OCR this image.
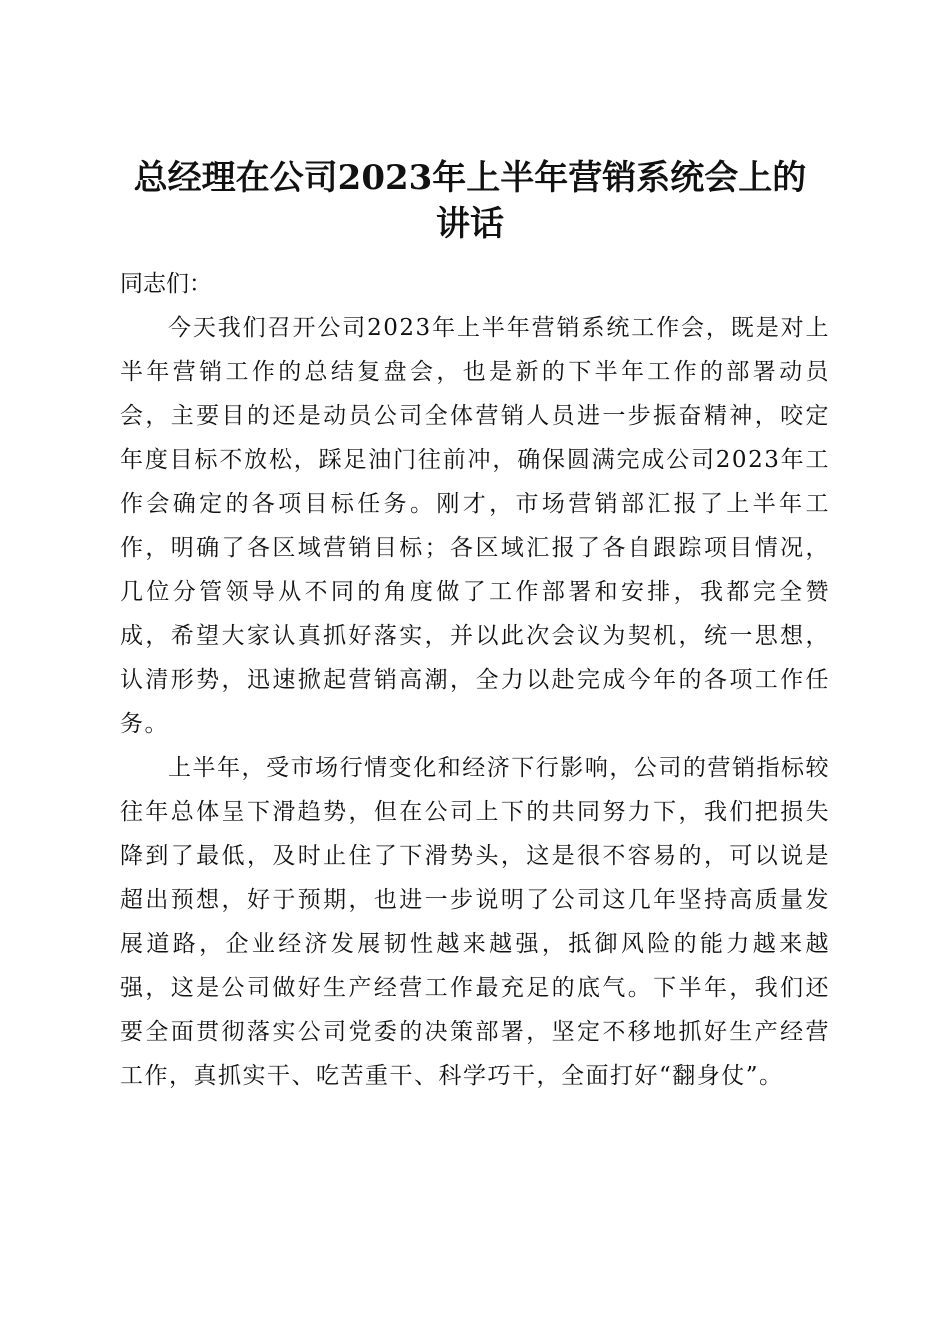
总经理在公司2023年上半年营销系统会上的
讲话

同志们：

今天我们召开公司2023年上半年营销系统工作会，既是对上半年营销工作的总结复盘会，也是新的下半年工作的部署动员会，主要目的还是动员公司全体营销人员进一步振奋精神，咬定年度目标不放松，踩足油门往前冲，确保圆满完成公司2023年工作会确定的各项目标任务。刚才，市场营销部汇报了上半年工作，明确了各区域营销目标；各区域汇报了各自跟踪项目情况，几位分管领导从不同的角度做了工作部署和安排，我都完全赞成，希望大家认真抓好落实，并以此次会议为契机，统一思想，认清形势，迅速掀起营销高潮，全力以赴完成今年的各项工作任务。

上半年，受市场行情变化和经济下行影响，公司的营销指标较往年总体呈下滑趋势，但在公司上下的共同努力下，我们把损失降到了最低，及时止住了下滑势头，这是很不容易的，可以说是超出预想，好于预期，也进一步说明了公司这几年坚持高质量发展道路，企业经济发展韧性越来越强，抵御风险的能力越来越强，这是公司做好生产经营工作最充足的底气。下半年，我们还要全面贯彻落实公司党委的决策部署，坚定不移地抓好生产经营工作，真抓实干、吃苦重干、科学巧干，全面打好“翻身仗”。
